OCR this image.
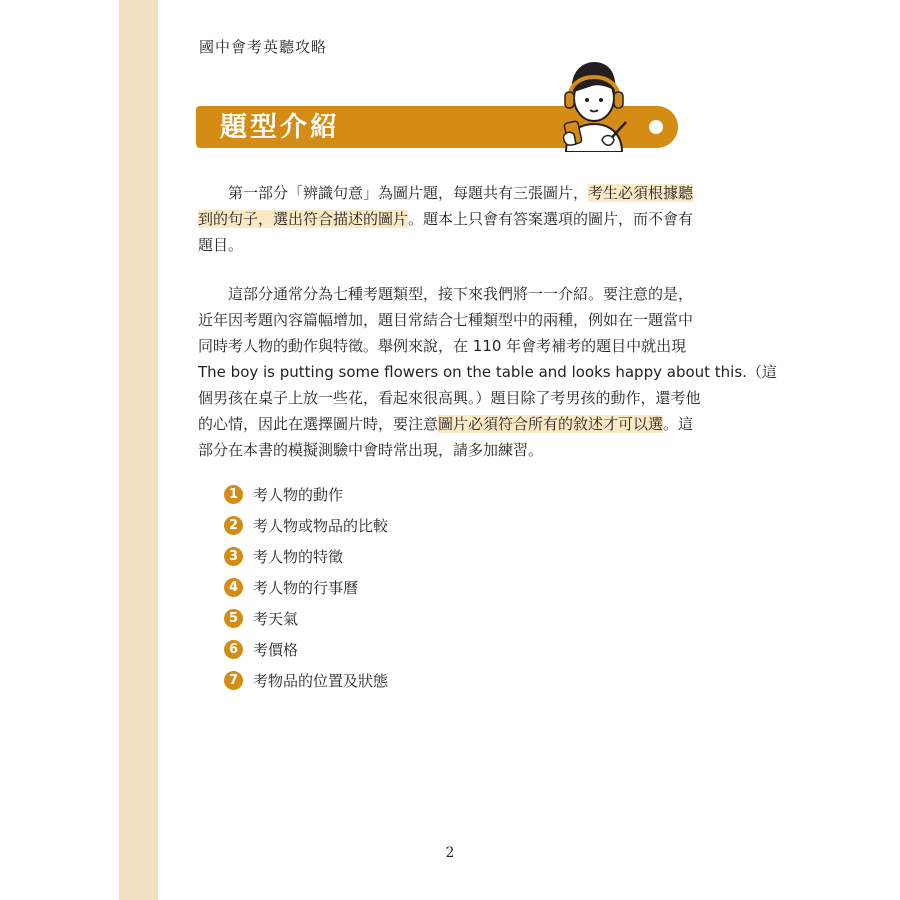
國中會考英聽攻略
題型介紹
第一部分「辨識句意」為圖片題，每題共有三張圖片，考生必須根據聽
到的句子，選出符合描述的圖片。題本上只會有答案選項的圖片，而不會有
題目。
這部分通常分為七種考題類型，接下來我們將一一介紹。要注意的是，
近年因考題內容篇幅增加，題目常結合七種類型中的兩種，例如在一題當中
同時考人物的動作與特徵。舉例來說，在 110 年會考補考的題目中就出現
The boy is putting some flowers on the table and looks happy about this.（這
個男孩在桌子上放一些花，看起來很高興。）題目除了考男孩的動作，還考他
的心情，因此在選擇圖片時，要注意圖片必須符合所有的敘述才可以選。這
部分在本書的模擬測驗中會時常出現，請多加練習。
1 考人物的動作
2 考人物或物品的比較
3 考人物的特徵
4 考人物的行事曆
5 考天氣
6 考價格
7 考物品的位置及狀態
2
